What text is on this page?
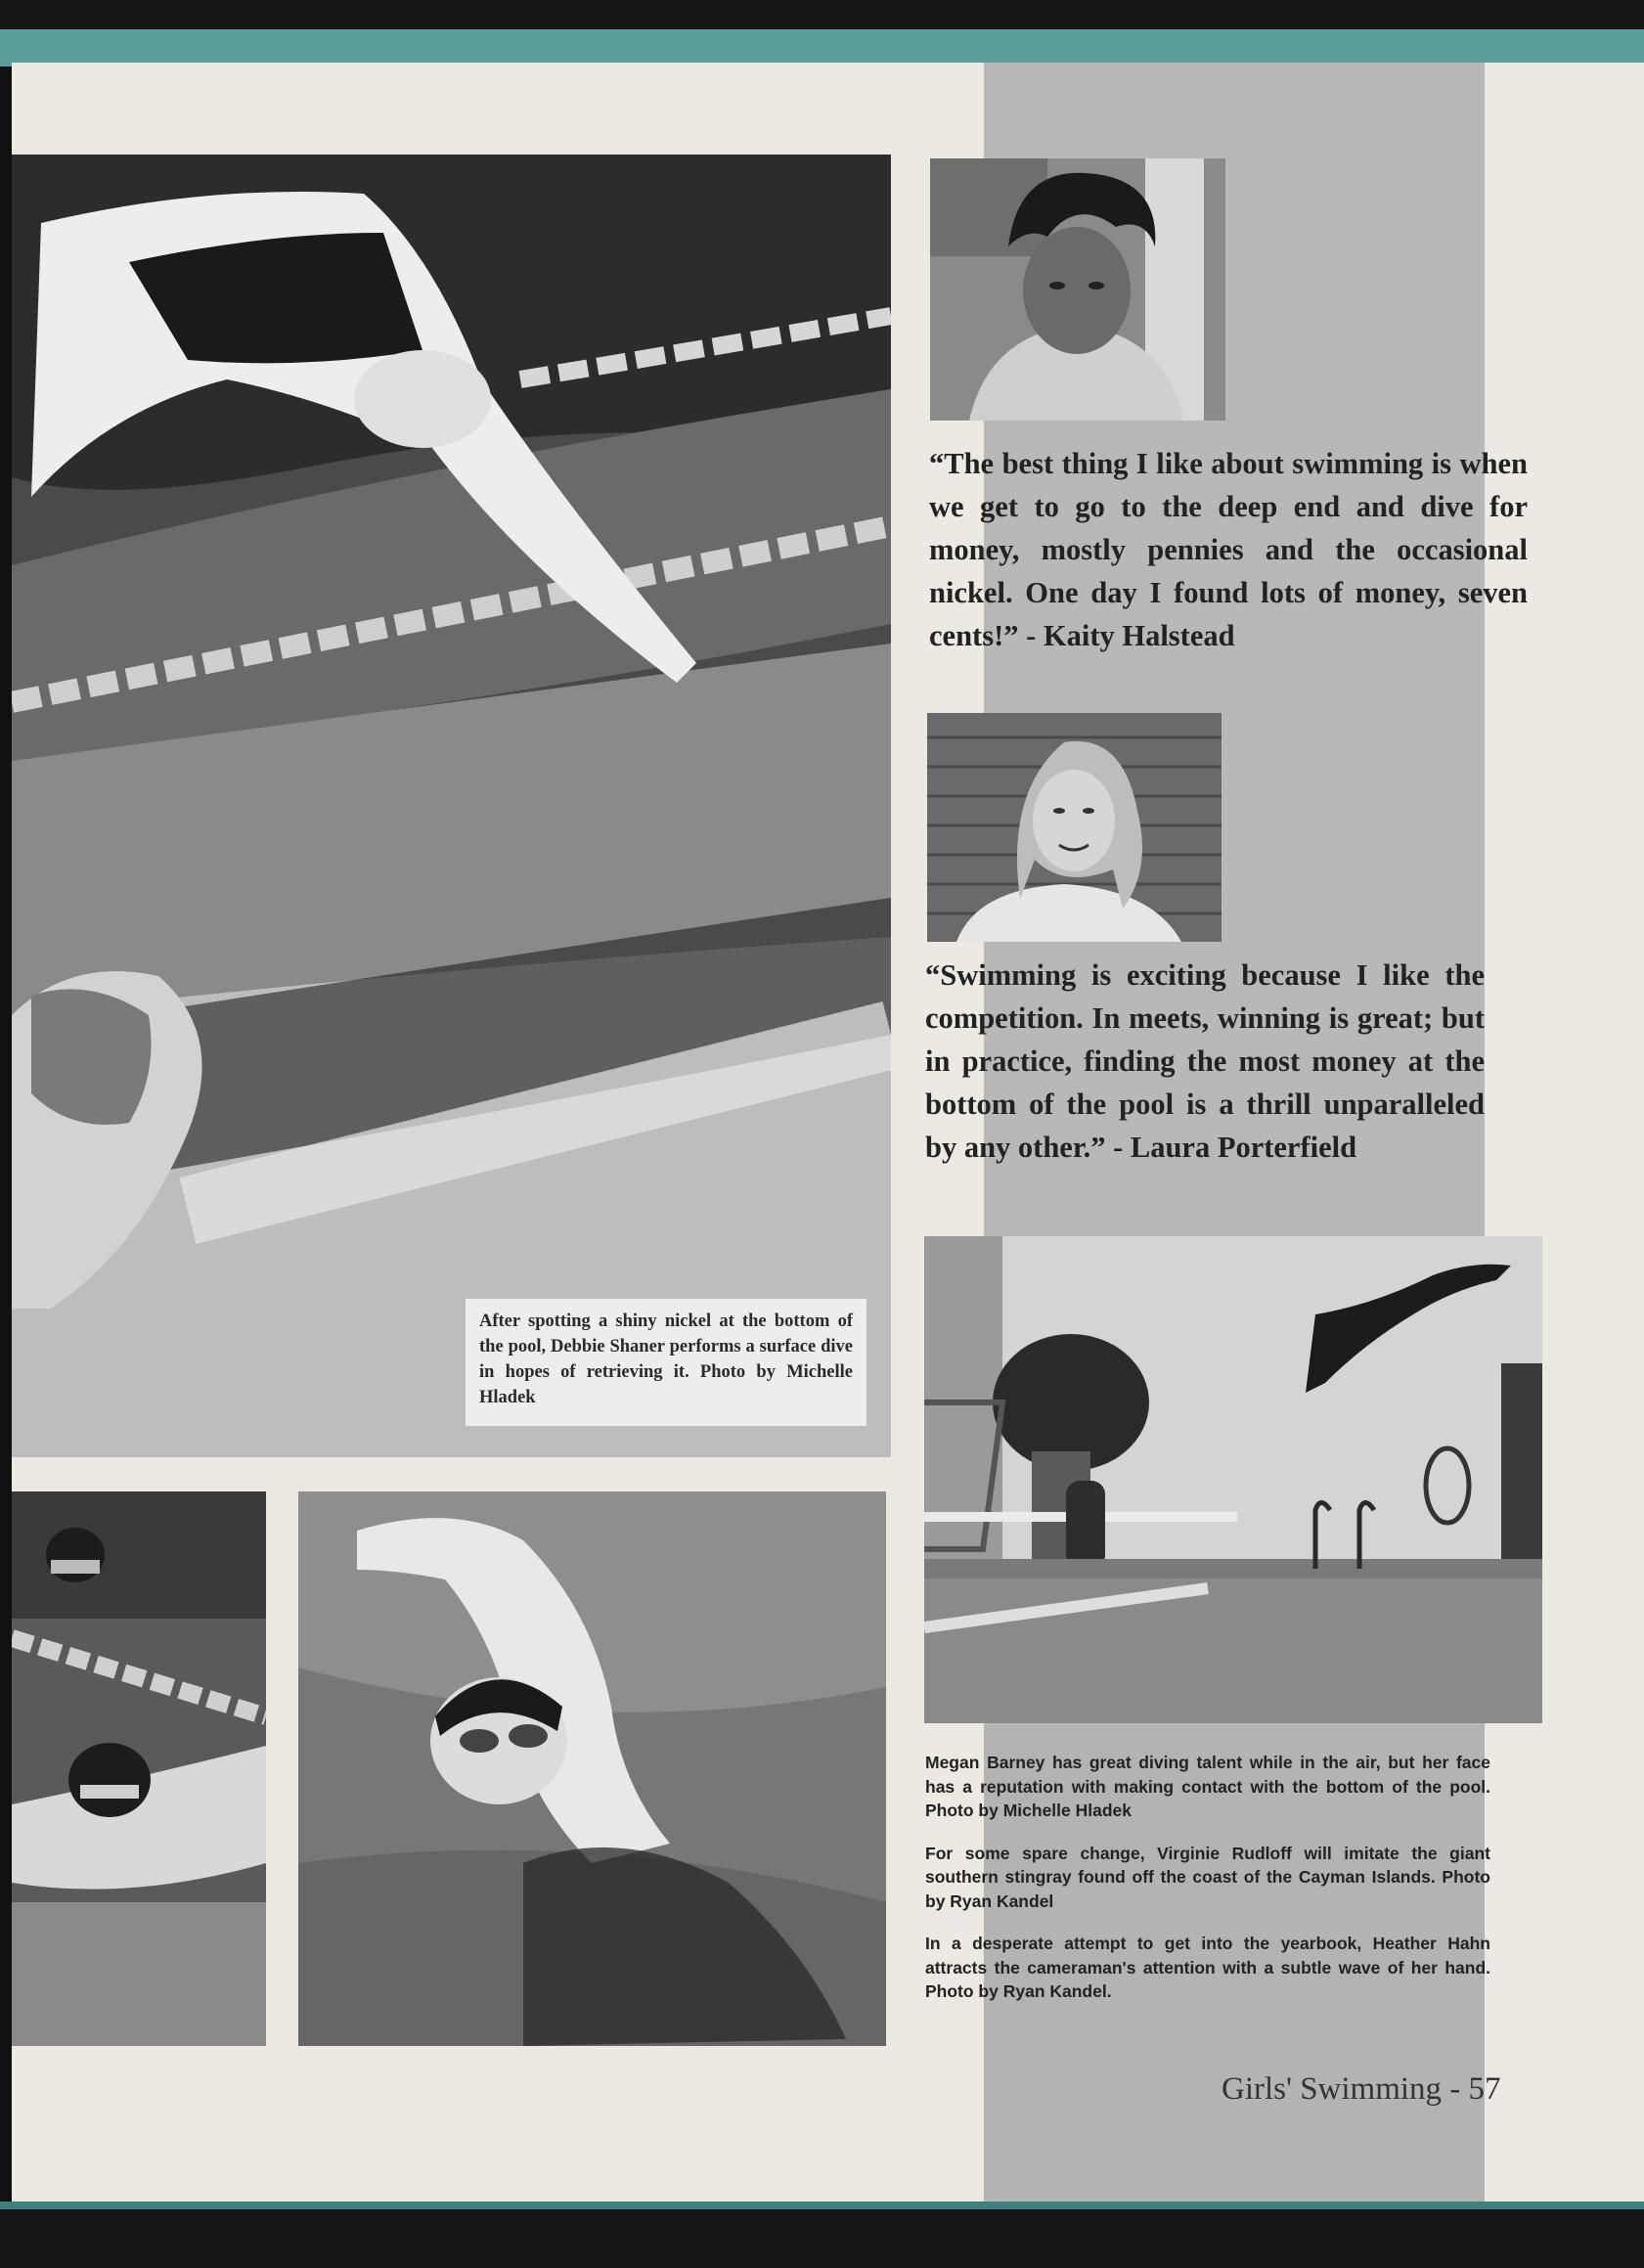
After spotting a shiny nickel at the bottom of the pool, Debbie Shaner performs a surface dive in hopes of retrieving it. Photo by Michelle Hladek

“The best thing I like about swimming is when we get to go to the deep end and dive for money, mostly pennies and the occasional nickel. One day I found lots of money, seven cents!” - Kaity Halstead

“Swimming is exciting because I like the competition. In meets, winning is great; but in practice, finding the most money at the bottom of the pool is a thrill unparalleled by any other.” - Laura Porterfield

Megan Barney has great diving talent while in the air, but her face has a reputation with making contact with the bottom of the pool. Photo by Michelle Hladek

For some spare change, Virginie Rudloff will imitate the giant southern stingray found off the coast of the Cayman Islands. Photo by Ryan Kandel

In a desperate attempt to get into the yearbook, Heather Hahn attracts the cameraman's attention with a subtle wave of her hand. Photo by Ryan Kandel.

Girls' Swimming - 57
